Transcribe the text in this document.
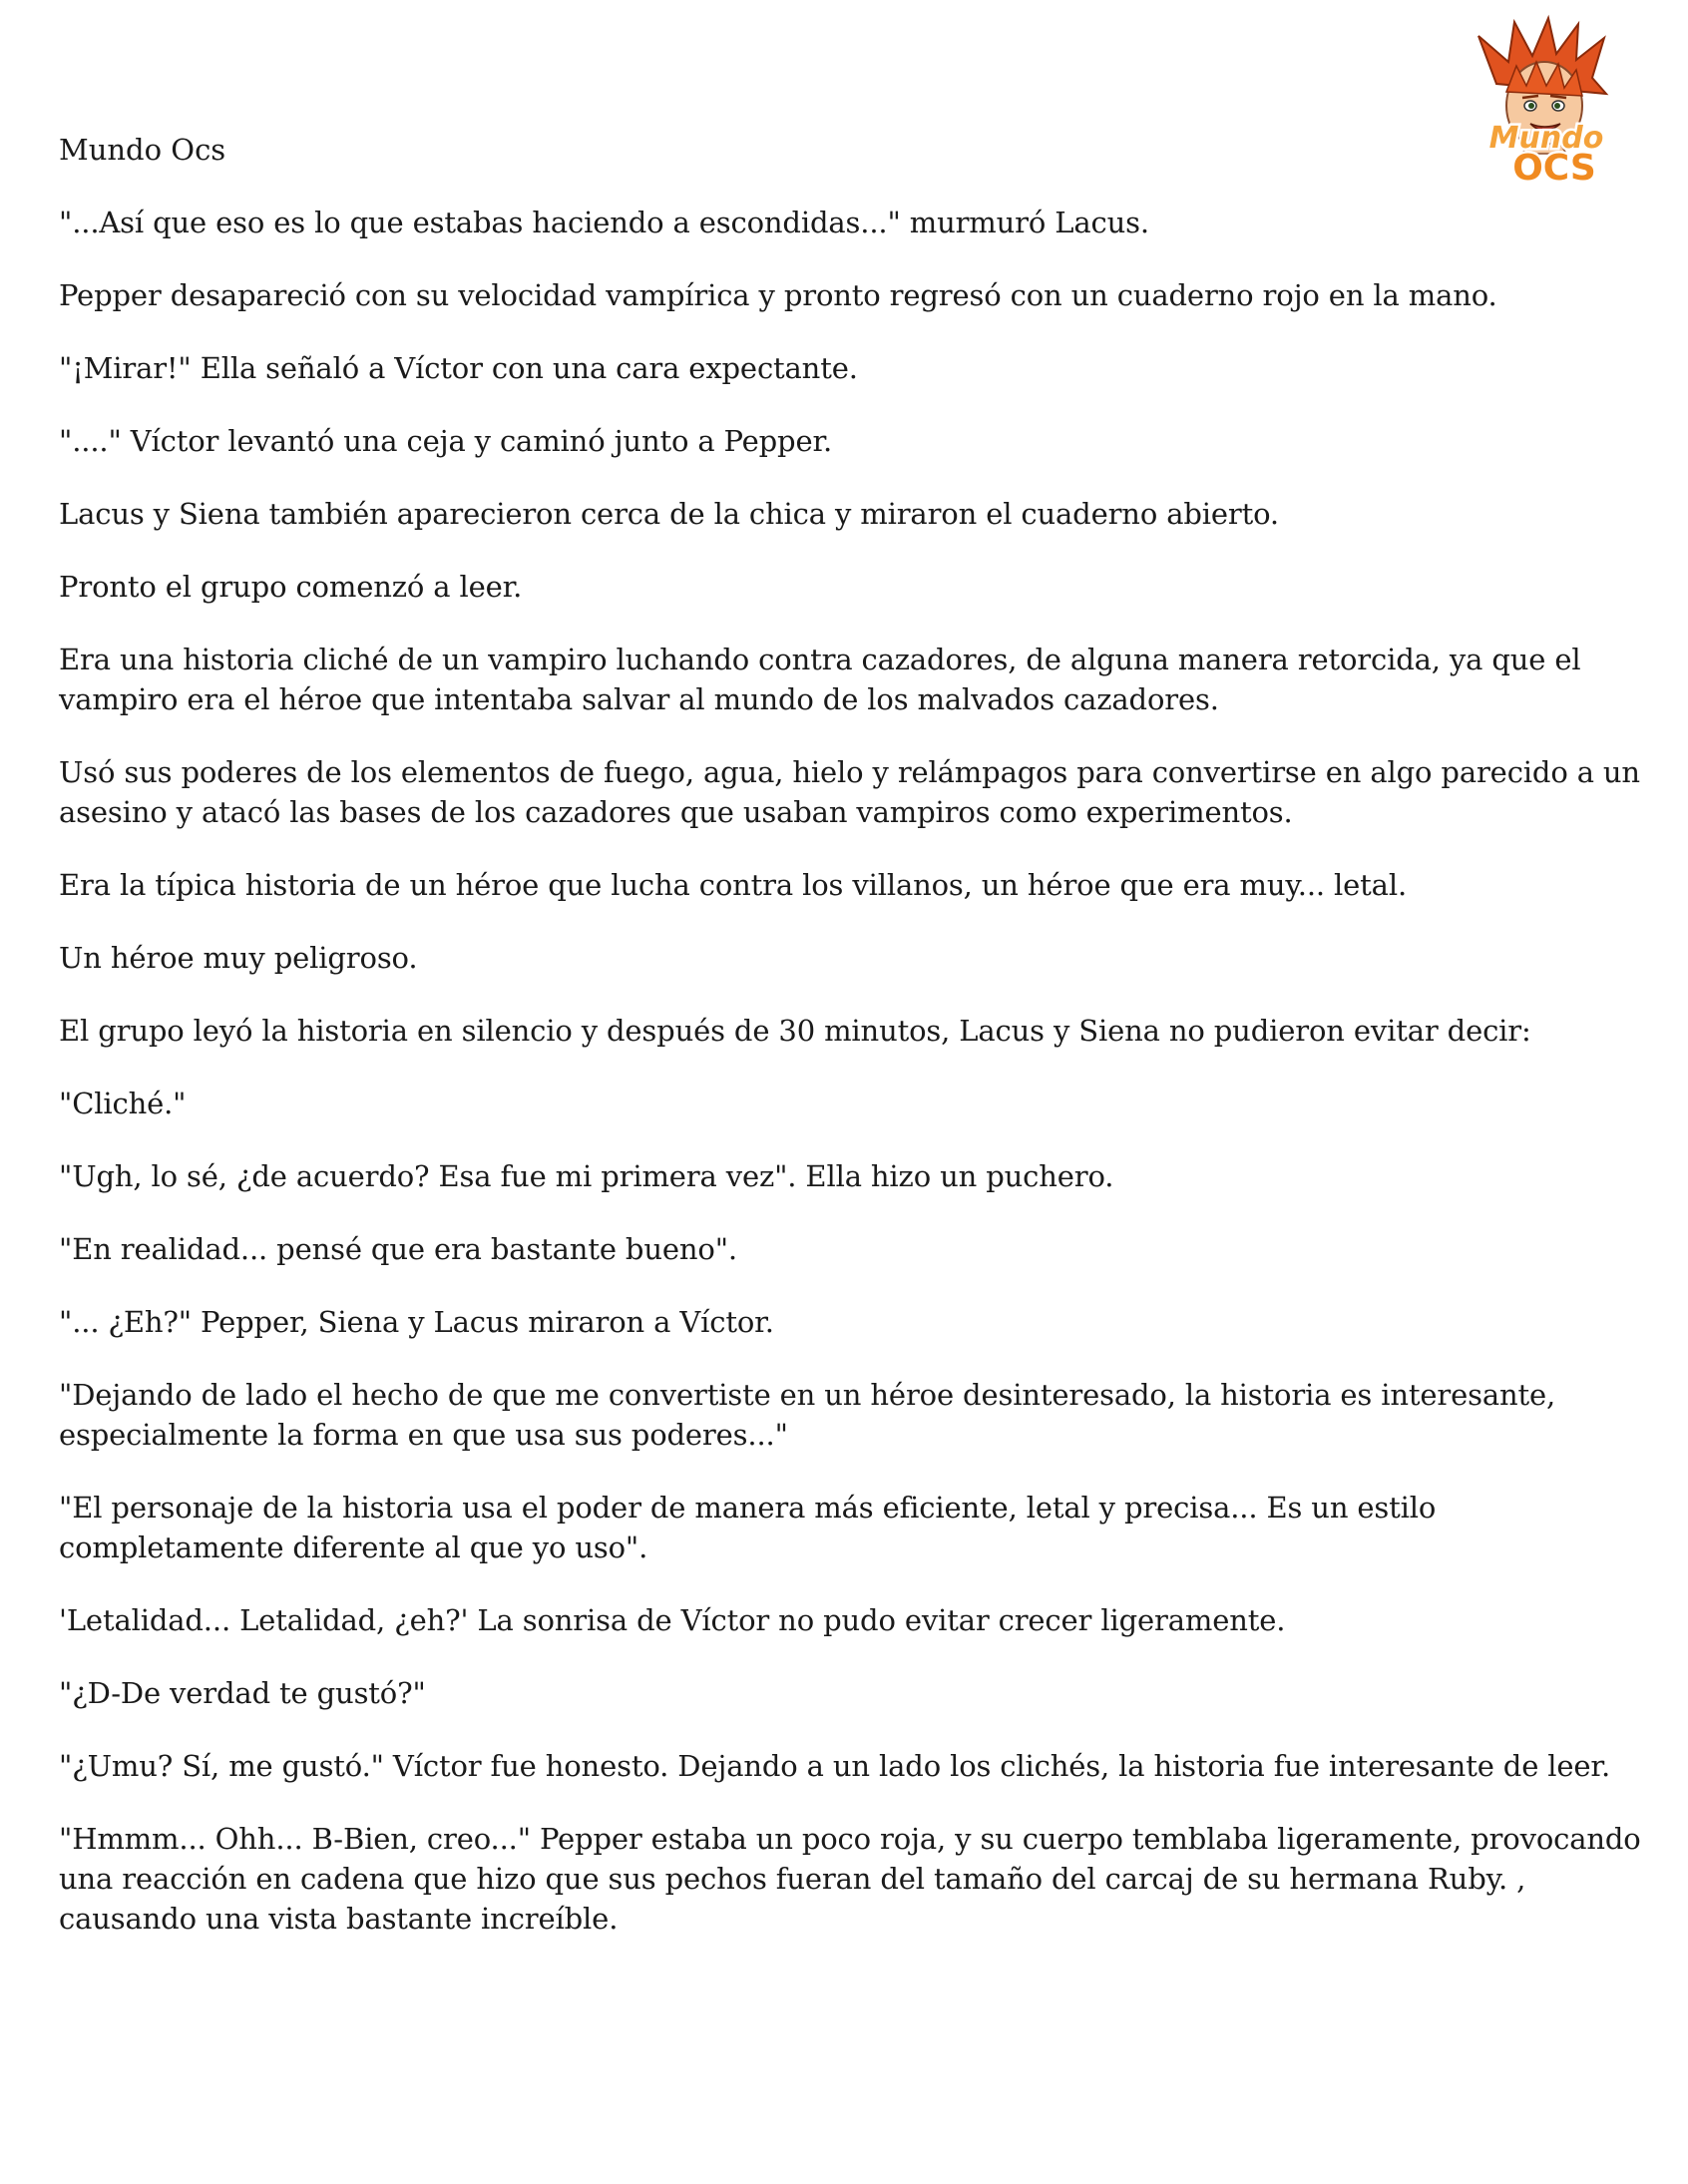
Mundo
OCS

Mundo Ocs

"...Así que eso es lo que estabas haciendo a escondidas..." murmuró Lacus.

Pepper desapareció con su velocidad vampírica y pronto regresó con un cuaderno rojo en la mano.

"¡Mirar!" Ella señaló a Víctor con una cara expectante.

"...." Víctor levantó una ceja y caminó junto a Pepper.

Lacus y Siena también aparecieron cerca de la chica y miraron el cuaderno abierto.

Pronto el grupo comenzó a leer.

Era una historia cliché de un vampiro luchando contra cazadores, de alguna manera retorcida, ya que el vampiro era el héroe que intentaba salvar al mundo de los malvados cazadores.

Usó sus poderes de los elementos de fuego, agua, hielo y relámpagos para convertirse en algo parecido a un asesino y atacó las bases de los cazadores que usaban vampiros como experimentos.

Era la típica historia de un héroe que lucha contra los villanos, un héroe que era muy... letal.

Un héroe muy peligroso.

El grupo leyó la historia en silencio y después de 30 minutos, Lacus y Siena no pudieron evitar decir:

"Cliché."

"Ugh, lo sé, ¿de acuerdo? Esa fue mi primera vez". Ella hizo un puchero.

"En realidad... pensé que era bastante bueno".

"... ¿Eh?" Pepper, Siena y Lacus miraron a Víctor.

"Dejando de lado el hecho de que me convertiste en un héroe desinteresado, la historia es interesante, especialmente la forma en que usa sus poderes..."

"El personaje de la historia usa el poder de manera más eficiente, letal y precisa... Es un estilo completamente diferente al que yo uso".

'Letalidad... Letalidad, ¿eh?' La sonrisa de Víctor no pudo evitar crecer ligeramente.

"¿D-De verdad te gustó?"

"¿Umu? Sí, me gustó." Víctor fue honesto. Dejando a un lado los clichés, la historia fue interesante de leer.

"Hmmm... Ohh... B-Bien, creo..." Pepper estaba un poco roja, y su cuerpo temblaba ligeramente, provocando una reacción en cadena que hizo que sus pechos fueran del tamaño del carcaj de su hermana Ruby. , causando una vista bastante increíble.
